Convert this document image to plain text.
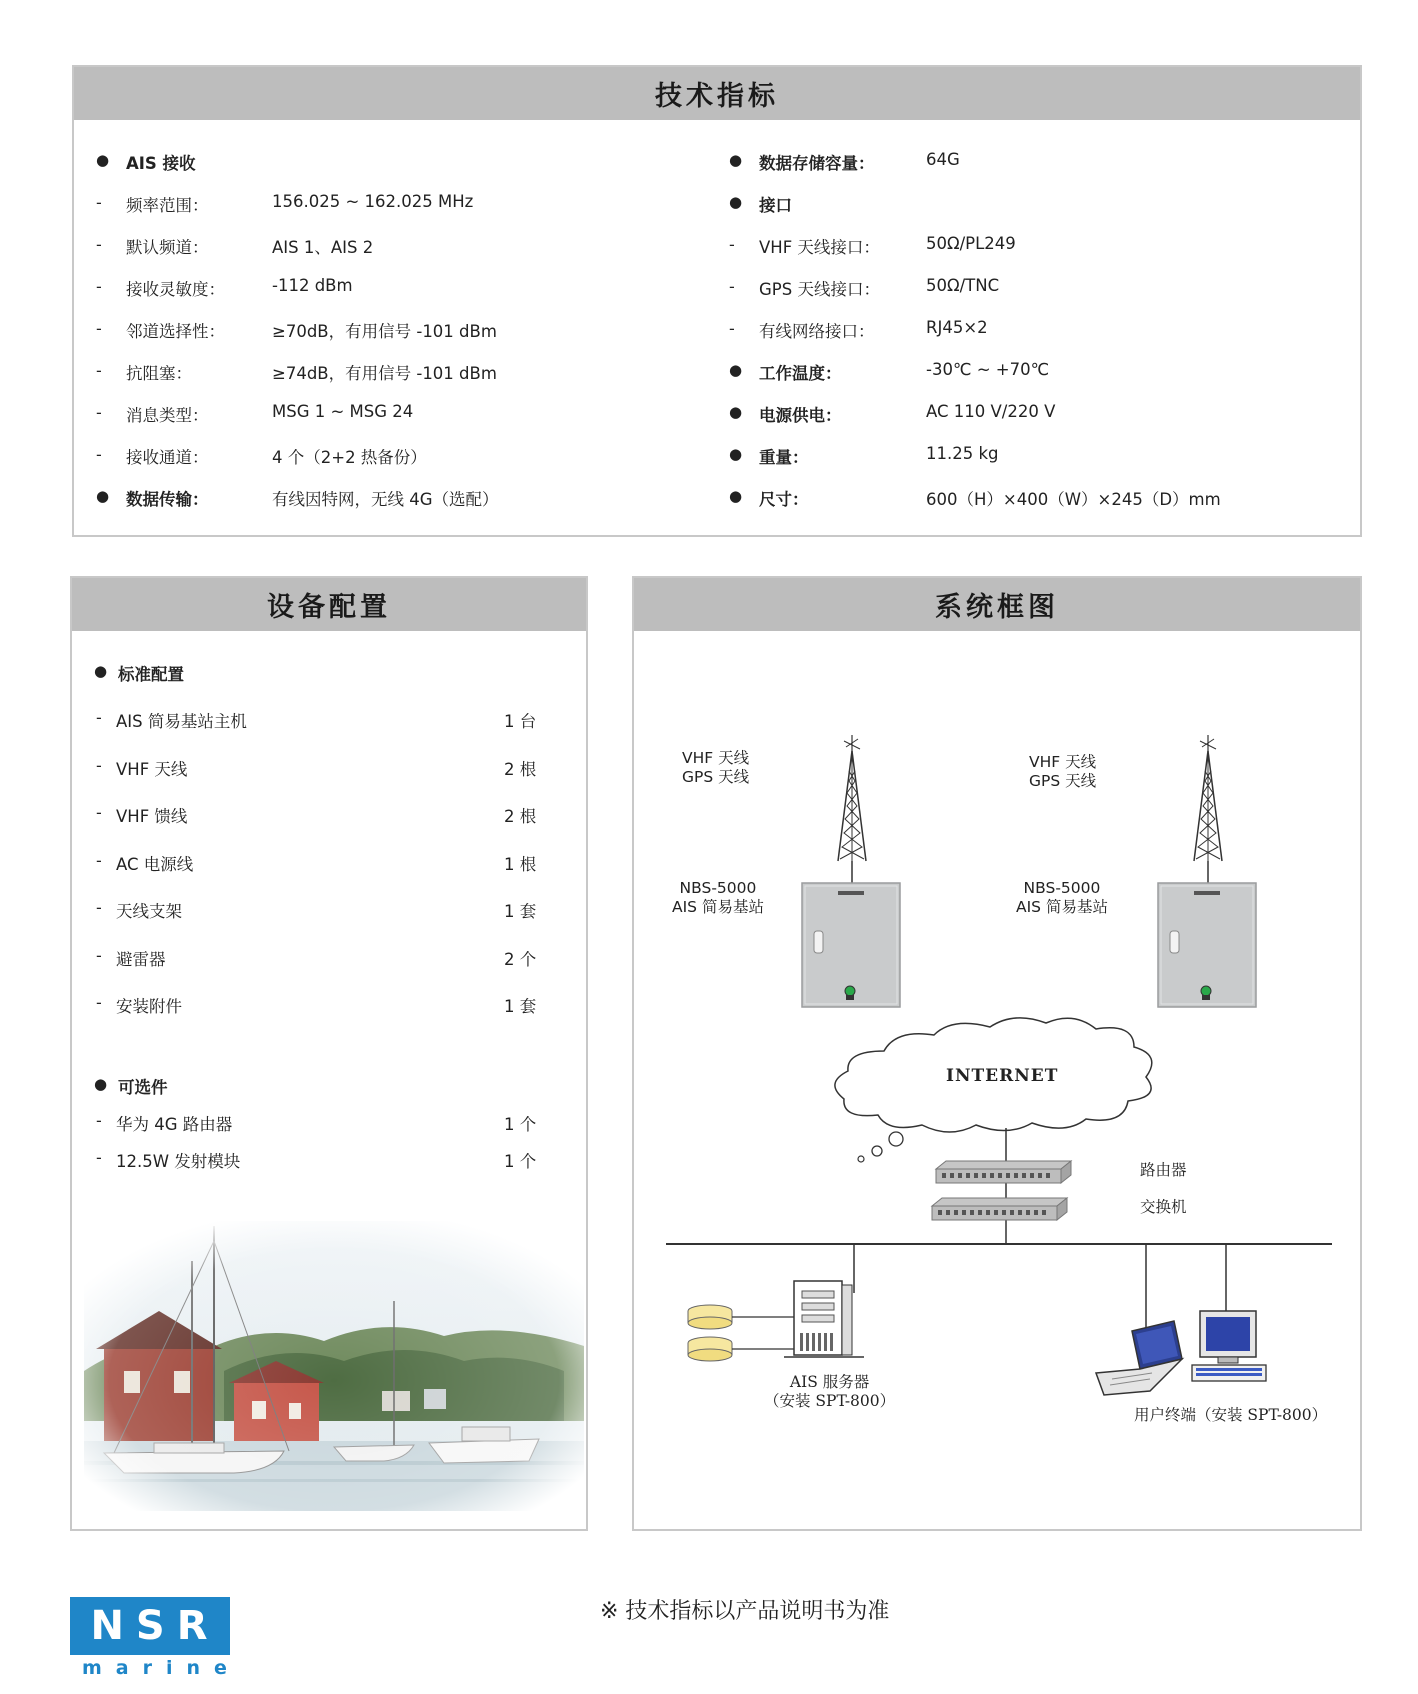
技术指标
● AIS 接收
- 频率范围：	156.025 ~ 162.025 MHz
- 默认频道：	AIS 1、AIS 2
- 接收灵敏度：	-112 dBm
- 邻道选择性：	≥70dB，有用信号 -101 dBm
- 抗阻塞：	≥74dB，有用信号 -101 dBm
- 消息类型：	MSG 1 ~ MSG 24
- 接收通道：	4 个（2+2 热备份）
● 数据传输：	有线因特网，无线 4G（选配）
● 数据存储容量：	64G
● 接口
- VHF 天线接口：	50Ω/PL249
- GPS 天线接口：	50Ω/TNC
- 有线网络接口：	RJ45×2
● 工作温度：	-30℃ ~ +70℃
● 电源供电：	AC 110 V/220 V
● 重量：	11.25 kg
● 尺寸：	600（H）×400（W）×245（D）mm
设备配置
● 标准配置
- AIS 简易基站主机	1 台
- VHF 天线	2 根
- VHF 馈线	2 根
- AC 电源线	1 根
- 天线支架	1 套
- 避雷器	2 个
- 安装附件	1 套
● 可选件
- 华为 4G 路由器	1 个
- 12.5W 发射模块	1 个
系统框图
VHF 天线
GPS 天线
VHF 天线
GPS 天线
NBS-5000
AIS 简易基站
NBS-5000
AIS 简易基站
INTERNET
路由器
交换机
AIS 服务器
（安装 SPT-800）
用户终端（安装 SPT-800）
※ 技术指标以产品说明书为准
NSR
marine
